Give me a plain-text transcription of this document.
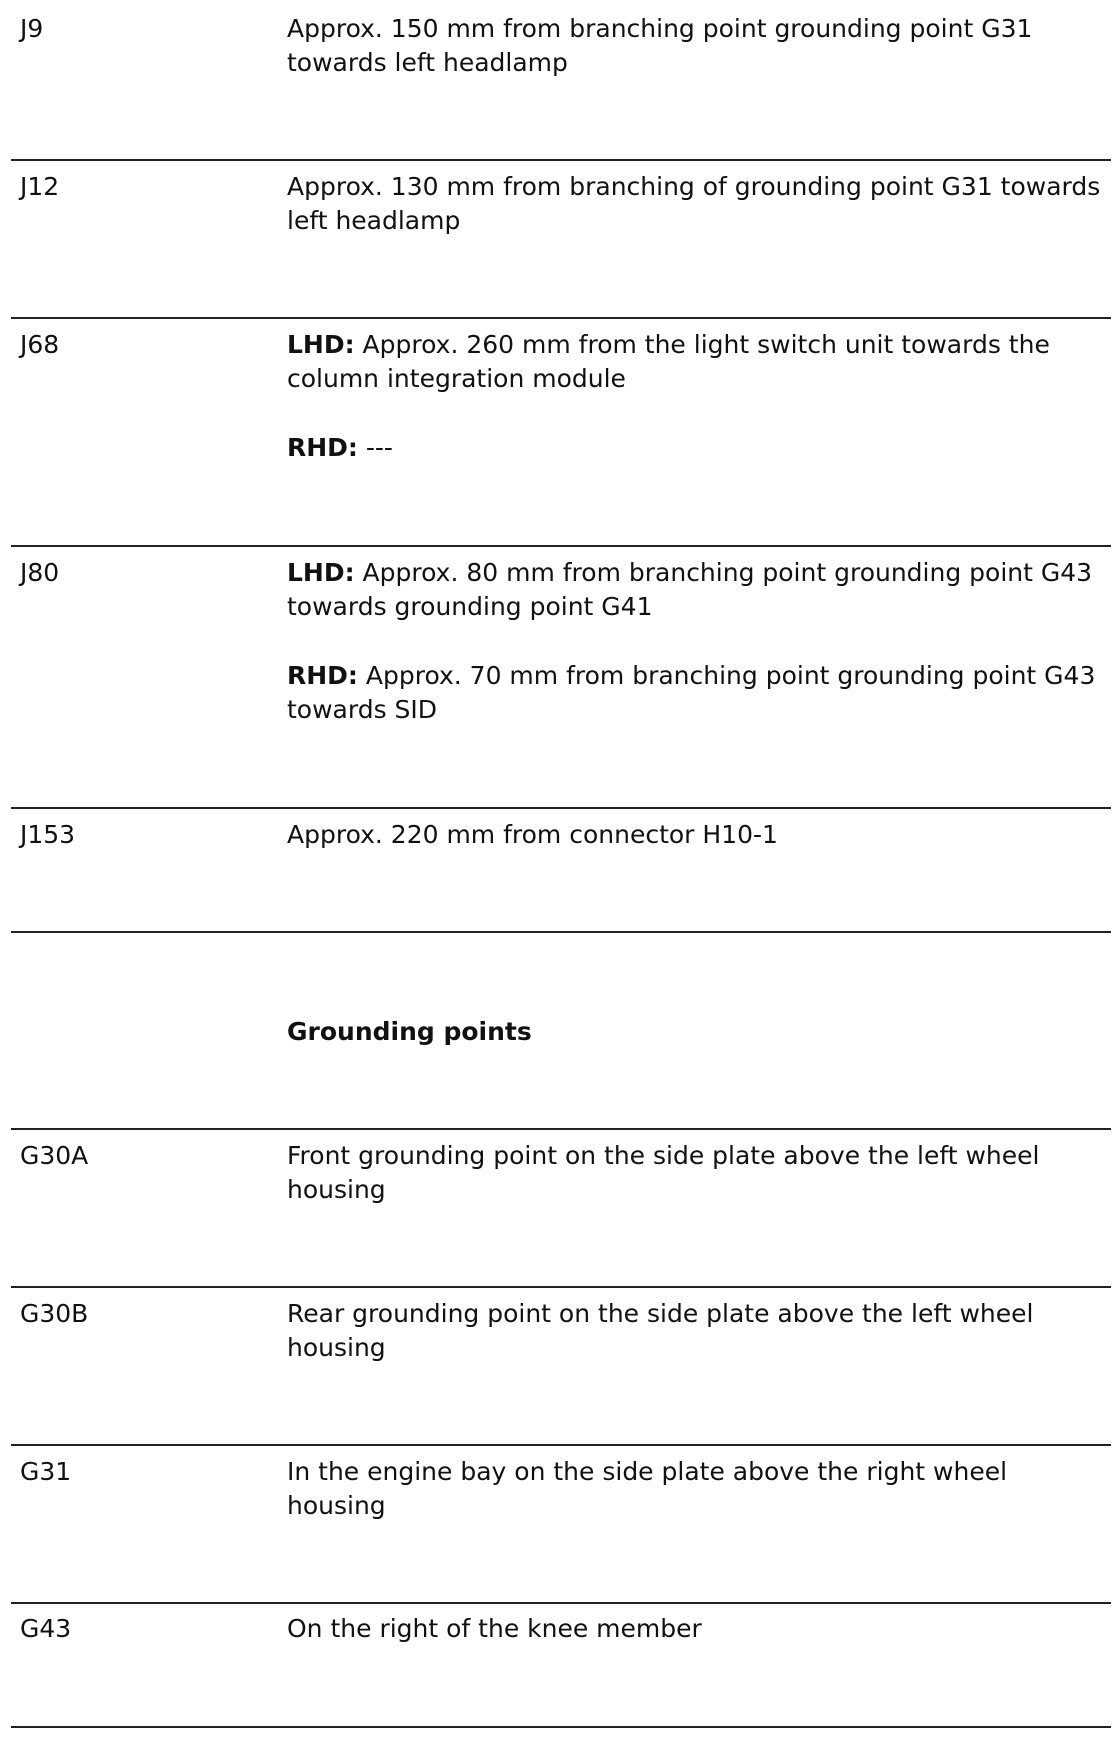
J9	Approx. 150 mm from branching point grounding point G31 towards left headlamp

J12	Approx. 130 mm from branching of grounding point G31 towards left headlamp

J68	LHD: Approx. 260 mm from the light switch unit towards the column integration module

RHD: ---

J80	LHD: Approx. 80 mm from branching point grounding point G43 towards grounding point G41

RHD: Approx. 70 mm from branching point grounding point G43 towards SID

J153	Approx. 220 mm from connector H10-1

Grounding points
G30A	Front grounding point on the side plate above the left wheel housing

G30B	Rear grounding point on the side plate above the left wheel housing

G31	In the engine bay on the side plate above the right wheel housing

G43	On the right of the knee member
